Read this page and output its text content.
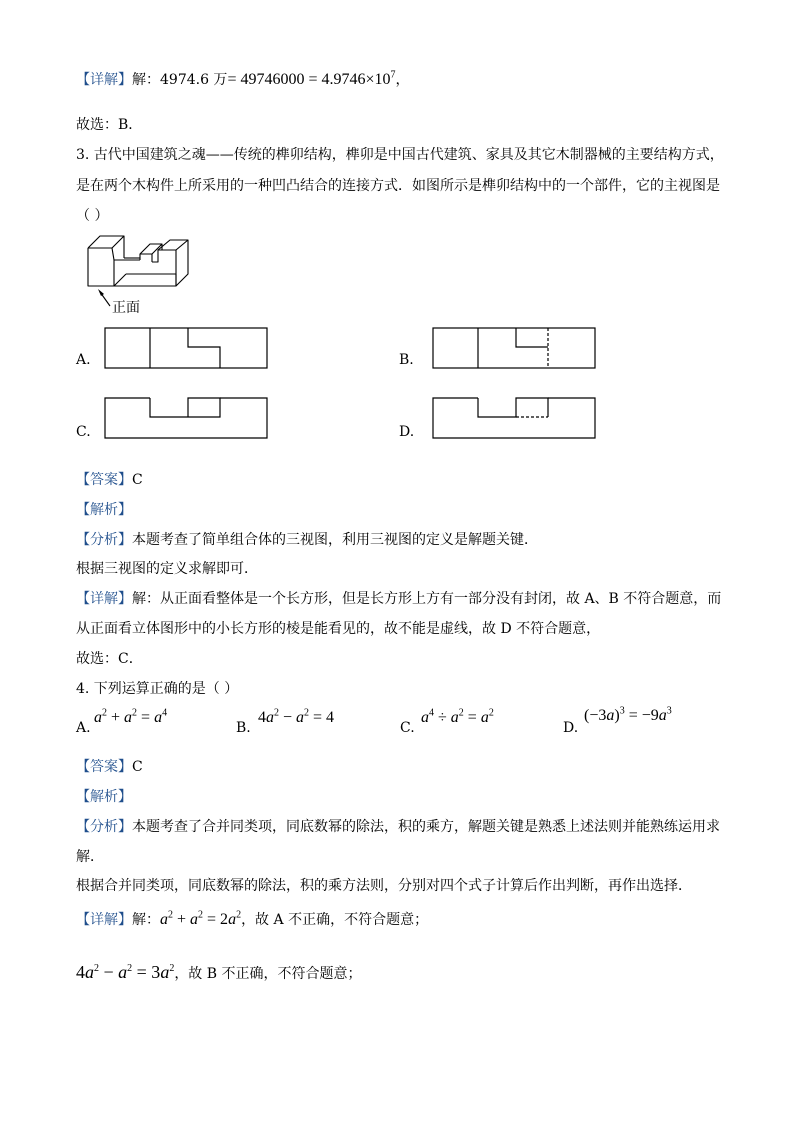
【详解】解：4974.6 万= $49746000 = 4.9746\times 10^7$，
故选：B．
3. 古代中国建筑之魂——传统的榫卯结构，榫卯是中国古代建筑、家具及其它木制器械的主要结构方式，
是在两个木构件上所采用的一种凹凸结合的连接方式．如图所示是榫卯结构中的一个部件，它的主视图是
（ ）
正面
A.	B.
C.	D.
【答案】C
【解析】
【分析】本题考查了简单组合体的三视图，利用三视图的定义是解题关键．
根据三视图的定义求解即可．
【详解】解：从正面看整体是一个长方形，但是长方形上方有一部分没有封闭，故 A、B 不符合题意，而
从正面看立体图形中的小长方形的棱是能看见的，故不能是虚线，故 D 不符合题意，
故选：C．
4. 下列运算正确的是（ ）
A.
$a^2 + a^2 = a^4$
B.
$4a^2 - a^2 = 4$
C.
$a^4 \div a^2 = a^2$
D.
$(-3a)^3 = -9a^3$
【答案】C
【解析】
【分析】本题考查了合并同类项，同底数幂的除法，积的乘方，解题关键是熟悉上述法则并能熟练运用求
解．
根据合并同类项，同底数幂的除法，积的乘方法则，分别对四个式子计算后作出判断，再作出选择．
【详解】解：$a^2 + a^2 = 2a^2$，故 A 不正确，不符合题意；
$4a^2 - a^2 = 3a^2$，故 B 不正确，不符合题意；
